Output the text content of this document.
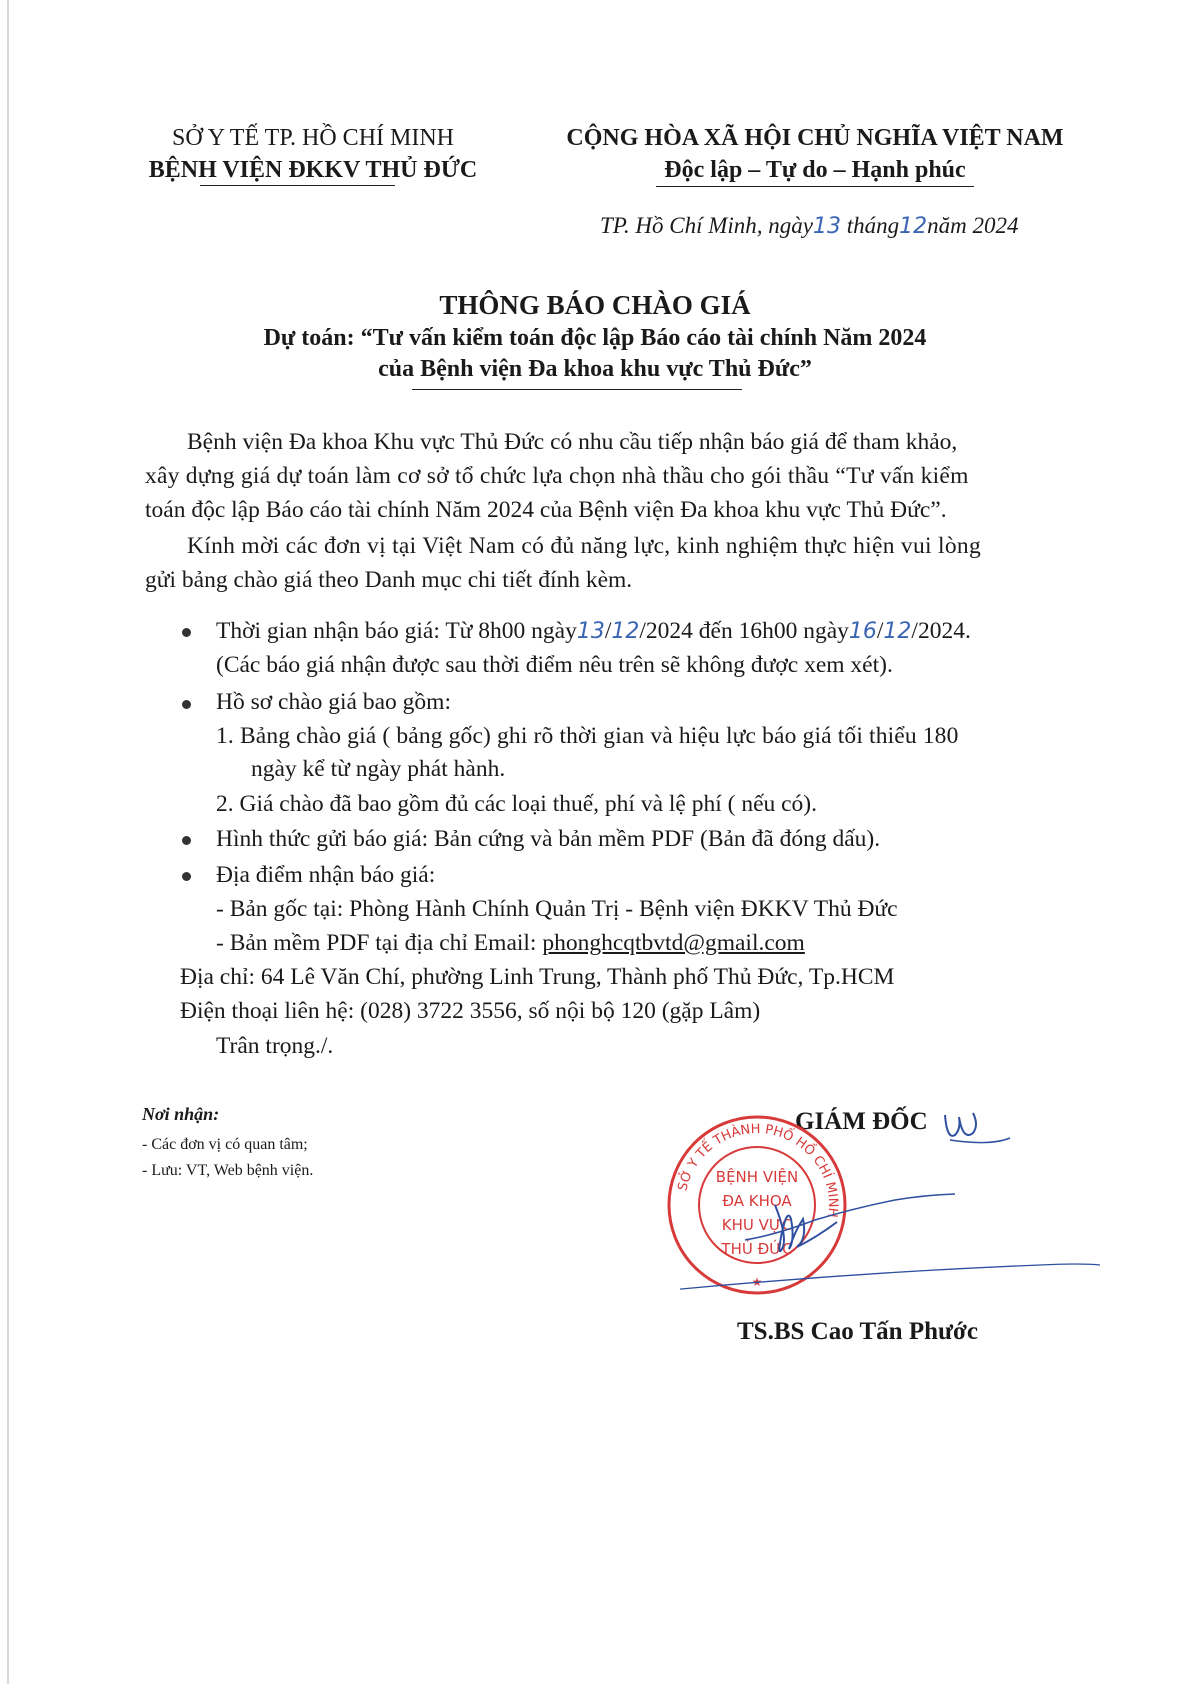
SỞ Y TẾ TP. HỒ CHÍ MINH
BỆNH VIỆN ĐKKV THỦ ĐỨC
CỘNG HÒA XÃ HỘI CHỦ NGHĨA VIỆT NAM
Độc lập – Tự do – Hạnh phúc
TP. Hồ Chí Minh, ngày13 tháng12năm 2024
THÔNG BÁO CHÀO GIÁ
Dự toán: “Tư vấn kiểm toán độc lập Báo cáo tài chính Năm 2024
của Bệnh viện Đa khoa khu vực Thủ Đức”
Bệnh viện Đa khoa Khu vực Thủ Đức có nhu cầu tiếp nhận báo giá để tham khảo,
xây dựng giá dự toán làm cơ sở tổ chức lựa chọn nhà thầu cho gói thầu “Tư vấn kiểm
toán độc lập Báo cáo tài chính Năm 2024 của Bệnh viện Đa khoa khu vực Thủ Đức”.
Kính mời các đơn vị tại Việt Nam có đủ năng lực, kinh nghiệm thực hiện vui lòng
gửi bảng chào giá theo Danh mục chi tiết đính kèm.
Thời gian nhận báo giá: Từ 8h00 ngày13/12/2024 đến 16h00 ngày16/12/2024.
(Các báo giá nhận được sau thời điểm nêu trên sẽ không được xem xét).
Hồ sơ chào giá bao gồm:
1. Bảng chào giá ( bảng gốc) ghi rõ thời gian và hiệu lực báo giá tối thiểu 180
ngày kể từ ngày phát hành.
2. Giá chào đã bao gồm đủ các loại thuế, phí và lệ phí ( nếu có).
Hình thức gửi báo giá: Bản cứng và bản mềm PDF (Bản đã đóng dấu).
Địa điểm nhận báo giá:
- Bản gốc tại: Phòng Hành Chính Quản Trị - Bệnh viện ĐKKV Thủ Đức
- Bản mềm PDF tại địa chỉ Email: phonghcqtbvtd@gmail.com
Địa chỉ: 64 Lê Văn Chí, phường Linh Trung, Thành phố Thủ Đức, Tp.HCM
Điện thoại liên hệ: (028) 3722 3556, số nội bộ 120 (gặp Lâm)
Trân trọng./.
Nơi nhận:
- Các đơn vị có quan tâm;
- Lưu: VT, Web bệnh viện.
GIÁM ĐỐC
SỞ Y TẾ THÀNH PHỐ HỒ CHÍ MINH
BỆNH VIỆN
ĐA KHOA
KHU VỰC
THỦ ĐỨC
★
TS.BS Cao Tấn Phước
